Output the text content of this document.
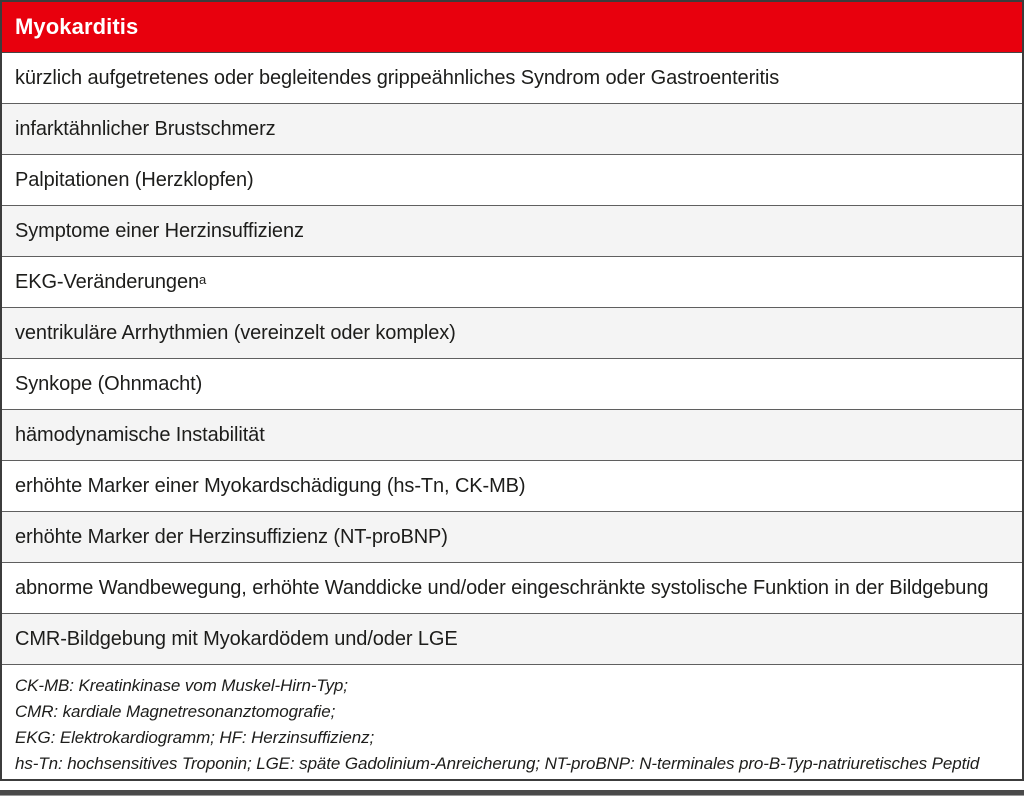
Myokarditis
kürzlich aufgetretenes oder begleitendes grippeähnliches Syndrom oder Gastroenteritis
infarktähnlicher Brustschmerz
Palpitationen (Herzklopfen)
Symptome einer Herzinsuffizienz
EKG-Veränderungen$^a$
ventrikuläre Arrhythmien (vereinzelt oder komplex)
Synkope (Ohnmacht)
hämodynamische Instabilität
erhöhte Marker einer Myokardschädigung (hs-Tn, CK-MB)
erhöhte Marker der Herzinsuffizienz (NT-proBNP)
abnorme Wandbewegung, erhöhte Wanddicke und/oder eingeschränkte systolische Funktion in der Bildgebung
CMR-Bildgebung mit Myokardödem und/oder LGE
CK-MB: Kreatinkinase vom Muskel-Hirn-Typ;
CMR: kardiale Magnetresonanztomografie;
EKG: Elektrokardiogramm; HF: Herzinsuffizienz;
hs-Tn: hochsensitives Troponin; LGE: späte Gadolinium-Anreicherung; NT-proBNP: N-terminales pro-B-Typ-natriuretisches Peptid
